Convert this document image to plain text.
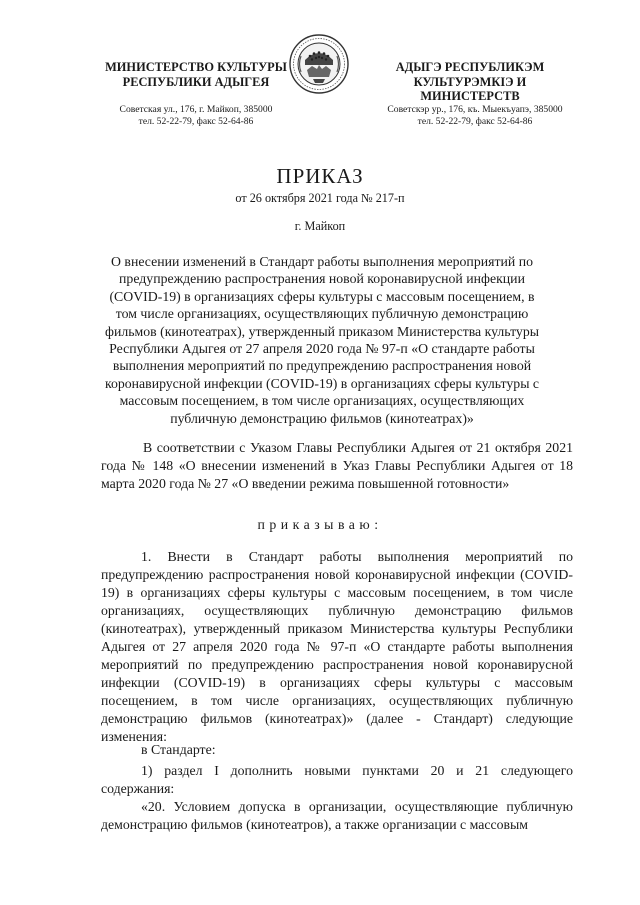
МИНИСТЕРСТВО КУЛЬТУРЫ
РЕСПУБЛИКИ АДЫГЕЯ
АДЫГЭ РЕСПУБЛИКЭМ
КУЛЬТУРЭМКIЭ И МИНИСТЕРСТВ
Советская ул., 176, г. Майкоп, 385000
тел. 52-22-79, факс 52-64-86
Советскэр ур., 176, къ. Мыекъуапэ, 385000
тел. 52-22-79, факс 52-64-86
ПРИКАЗ
от 26 октября 2021 года № 217-п
г. Майкоп
О внесении изменений в Стандарт работы выполнения мероприятий по предупреждению распространения новой коронавирусной инфекции (COVID-19) в организациях сферы культуры с массовым посещением, в том числе организациях, осуществляющих публичную демонстрацию фильмов (кинотеатрах), утвержденный приказом Министерства культуры Республики Адыгея от 27 апреля 2020 года № 97-п «О стандарте работы выполнения мероприятий по предупреждению распространения новой коронавирусной инфекции (COVID-19) в организациях сферы культуры с массовым посещением, в том числе организациях, осуществляющих публичную демонстрацию фильмов (кинотеатрах)»
В соответствии с Указом Главы Республики Адыгея от 21 октября 2021 года № 148 «О внесении изменений в Указ Главы Республики Адыгея от 18 марта 2020 года № 27 «О введении режима повышенной готовности»
приказываю:
1. Внести в Стандарт работы выполнения мероприятий по предупреждению распространения новой коронавирусной инфекции (COVID-19) в организациях сферы культуры с массовым посещением, в том числе организациях, осуществляющих публичную демонстрацию фильмов (кинотеатрах), утвержденный приказом Министерства культуры Республики Адыгея от 27 апреля 2020 года № 97-п «О стандарте работы выполнения мероприятий по предупреждению распространения новой коронавирусной инфекции (COVID-19) в организациях сферы культуры с массовым посещением, в том числе организациях, осуществляющих публичную демонстрацию фильмов (кинотеатрах)» (далее - Стандарт) следующие изменения:
в Стандарте:
1) раздел I дополнить новыми пунктами 20 и 21 следующего содержания:
«20. Условием допуска в организации, осуществляющие публичную демонстрацию фильмов (кинотеатров), а также организации с массовым
